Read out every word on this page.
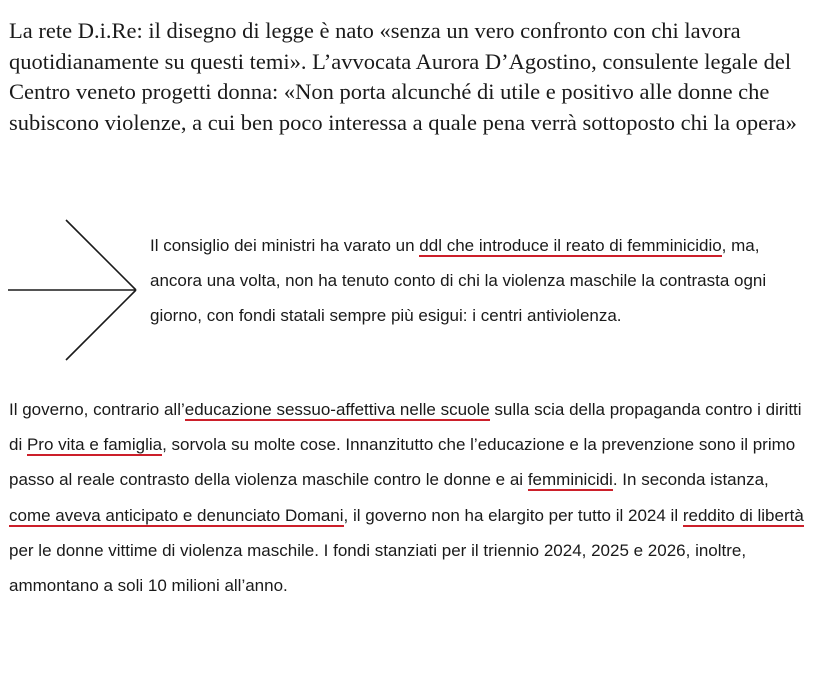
La rete D.i.Re: il disegno di legge è nato «senza un vero confronto con chi lavora quotidianamente su questi temi». L’avvocata Aurora D’Agostino, consulente legale del Centro veneto progetti donna: «Non porta alcunché di utile e positivo alle donne che subiscono violenze, a cui ben poco interessa a quale pena verrà sottoposto chi la opera»

Il consiglio dei ministri ha varato un ddl che introduce il reato di femminicidio, ma, ancora una volta, non ha tenuto conto di chi la violenza maschile la contrasta ogni giorno, con fondi statali sempre più esigui: i centri antiviolenza.

Il governo, contrario all’educazione sessuo-affettiva nelle scuole sulla scia della propaganda contro i diritti di Pro vita e famiglia, sorvola su molte cose. Innanzitutto che l’educazione e la prevenzione sono il primo passo al reale contrasto della violenza maschile contro le donne e ai femminicidi. In seconda istanza, come aveva anticipato e denunciato Domani, il governo non ha elargito per tutto il 2024 il reddito di libertà per le donne vittime di violenza maschile. I fondi stanziati per il triennio 2024, 2025 e 2026, inoltre, ammontano a soli 10 milioni all’anno.
